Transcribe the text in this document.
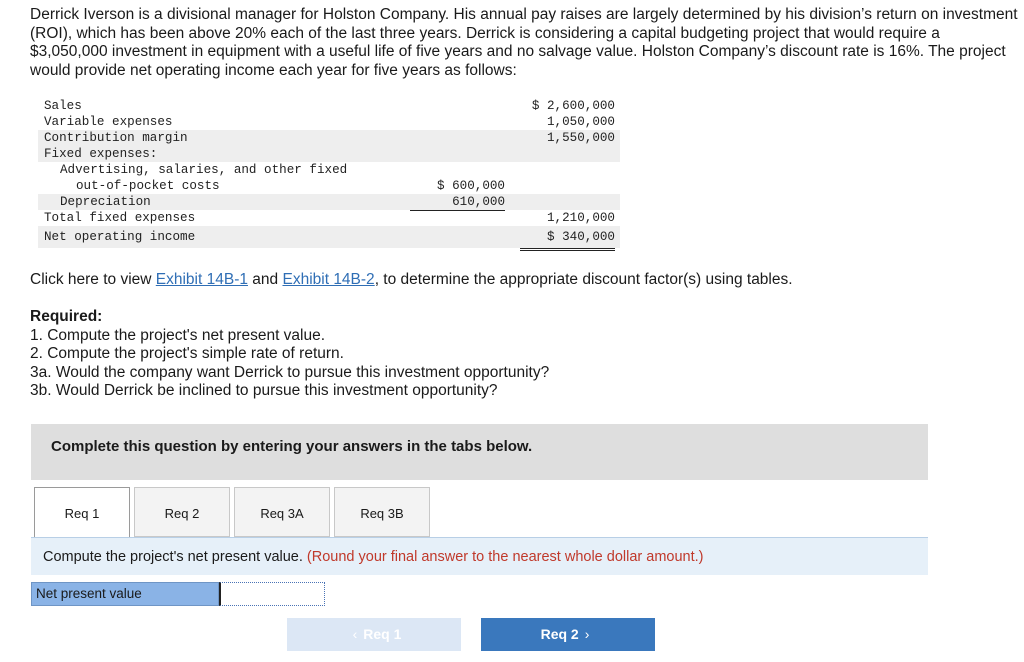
Derrick Iverson is a divisional manager for Holston Company. His annual pay raises are largely determined by his division’s return on investment (ROI), which has been above 20% each of the last three years. Derrick is considering a capital budgeting project that would require a $3,050,000 investment in equipment with a useful life of five years and no salvage value. Holston Company’s discount rate is 16%. The project would provide net operating income each year for five years as follows:
Sales	$ 2,600,000
Variable expenses	1,050,000
Contribution margin	1,550,000
Fixed expenses:
Advertising, salaries, and other fixed
out-of-pocket costs	$ 600,000
Depreciation	610,000
Total fixed expenses	1,210,000
Net operating income	$ 340,000
Click here to view Exhibit 14B-1 and Exhibit 14B-2, to determine the appropriate discount factor(s) using tables.
Required:
1. Compute the project's net present value.
2. Compute the project's simple rate of return.
3a. Would the company want Derrick to pursue this investment opportunity?
3b. Would Derrick be inclined to pursue this investment opportunity?
Complete this question by entering your answers in the tabs below.
Req 1	Req 2	Req 3A	Req 3B
Compute the project's net present value. (Round your final answer to the nearest whole dollar amount.)
Net present value
‹ Req 1	Req 2 ›
